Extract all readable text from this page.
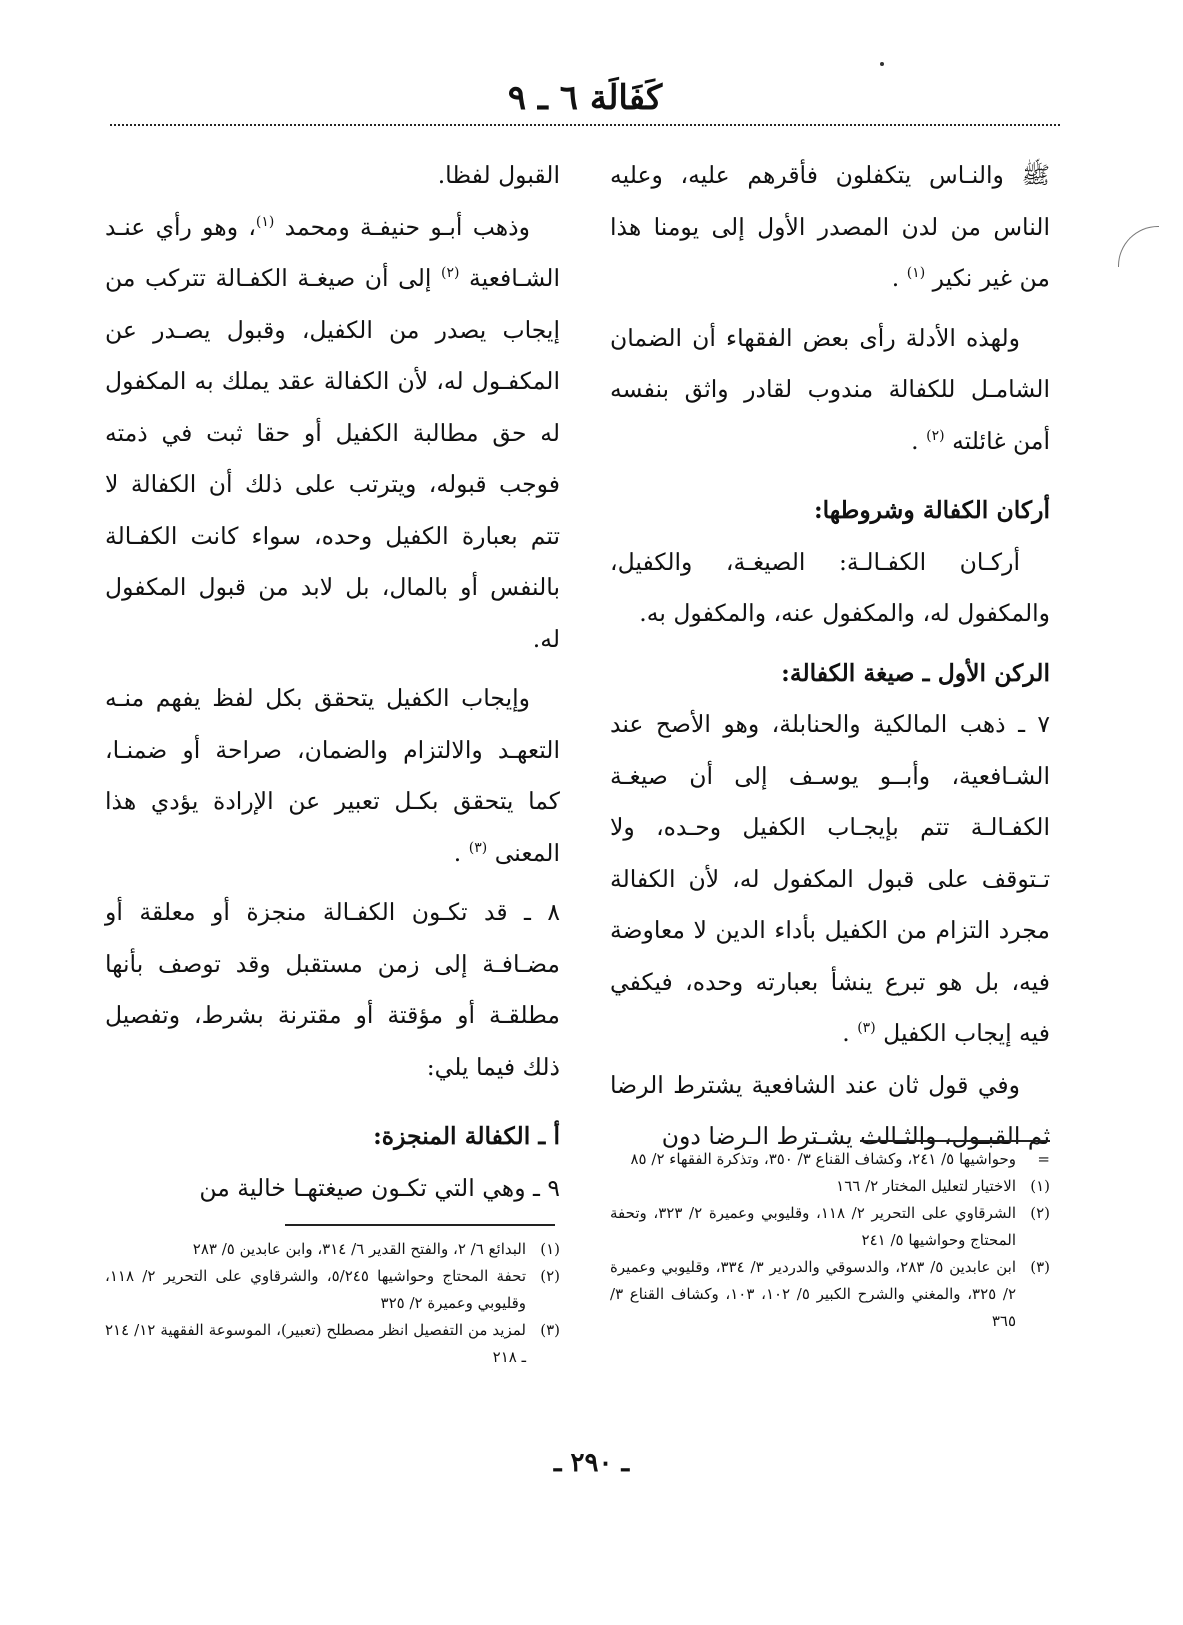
كَفَالَة ٦ ـ ٩

ﷺ والنـاس يتكفلون فأقرهم عليه، وعليه الناس من لدن المصدر الأول إلى يومنا هذا من غير نكير $^{(١)}$ .

ولهذه الأدلة رأى بعض الفقهاء أن الضمان الشامـل للكفالة مندوب لقادر واثق بنفسه أمن غائلته $^{(٢)}$ .

أركان الكفالة وشروطها:

أركـان الكفـالـة: الصيغـة، والكفيل، والمكفول له، والمكفول عنه، والمكفول به.

الركن الأول ـ صيغة الكفالة:

٧ ـ ذهب المالكية والحنابلة، وهو الأصح عند الشـافعية، وأبــو يوسـف إلى أن صيغـة الكفـالـة تتم بإيجـاب الكفيل وحـده، ولا تـتوقف على قبول المكفول له، لأن الكفالة مجرد التزام من الكفيل بأداء الدين لا معاوضة فيه، بل هو تبرع ينشأ بعبارته وحده، فيكفي فيه إيجاب الكفيل $^{(٣)}$ .

وفي قول ثان عند الشافعية يشترط الرضا ثم القبـول، والثـالث يشـترط الـرضا دون

القبول لفظا.

وذهب أبـو حنيفـة ومحمد $^{(١)}$، وهو رأي عنـد الشـافعية $^{(٢)}$ إلى أن صيغـة الكفـالة تتركب من إيجاب يصدر من الكفيل، وقبول يصـدر عن المكفـول له، لأن الكفالة عقد يملك به المكفول له حق مطالبة الكفيل أو حقا ثبت في ذمته فوجب قبوله، ويترتب على ذلك أن الكفالة لا تتم بعبارة الكفيل وحده، سواء كانت الكفـالة بالنفس أو بالمال، بل لابد من قبول المكفول له.

وإيجاب الكفيل يتحقق بكل لفظ يفهم منـه التعهـد والالتزام والضمان، صراحة أو ضمنـا، كما يتحقق بكـل تعبير عن الإرادة يؤدي هذا المعنى $^{(٣)}$ .

٨ ـ قد تكـون الكفـالة منجزة أو معلقة أو مضـافـة إلى زمن مستقبل وقد توصف بأنها مطلقـة أو مؤقتة أو مقترنة بشرط، وتفصيل ذلك فيما يلي:

أ ـ الكفالة المنجزة:

٩ ـ وهي التي تكـون صيغتهـا خالية من

=
وحواشيها ٥/ ٢٤١، وكشاف القناع ٣/ ٣٥٠، وتذكرة الفقهاء ٢/ ٨٥
(١)
الاختيار لتعليل المختار ٢/ ١٦٦
(٢)
الشرقاوي على التحرير ٢/ ١١٨، وقليوبي وعميرة ٢/ ٣٢٣، وتحفة المحتاج وحواشيها ٥/ ٢٤١
(٣)
ابن عابدين ٥/ ٢٨٣، والدسوقي والدردير ٣/ ٣٣٤، وقليوبي وعميرة ٢/ ٣٢٥، والمغني والشرح الكبير ٥/ ١٠٢، ١٠٣، وكشاف القناع ٣/ ٣٦٥
(١)
البدائع ٦/ ٢، والفتح القدير ٦/ ٣١٤، وابن عابدين ٥/ ٢٨٣
(٢)
تحفة المحتاج وحواشيها ٥/٢٤٥، والشرقاوي على التحرير ٢/ ١١٨، وقليوبي وعميرة ٢/ ٣٢٥
(٣)
لمزيد من التفصيل انظر مصطلح (تعبير)، الموسوعة الفقهية ١٢/ ٢١٤ ـ ٢١٨
ـ ٢٩٠ ـ
